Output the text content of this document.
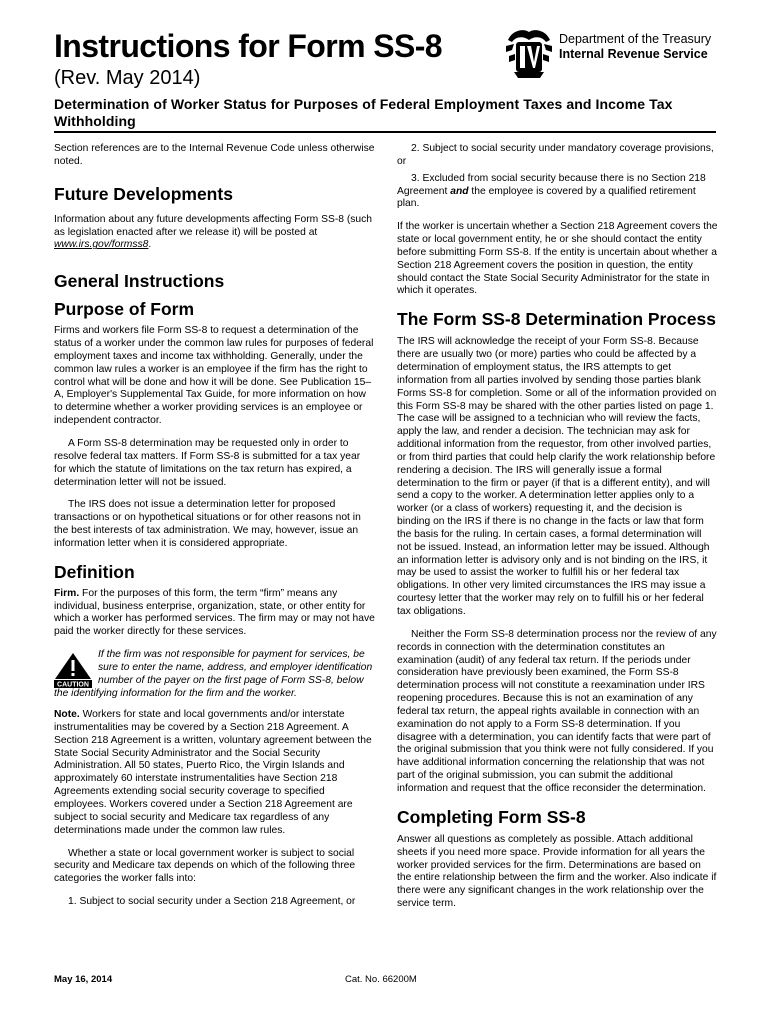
Instructions for Form SS-8
(Rev. May 2014)
Department of the Treasury
Internal Revenue Service
Determination of Worker Status for Purposes of Federal Employment Taxes and Income Tax Withholding

Section references are to the Internal Revenue Code unless otherwise noted.

Future Developments

Information about any future developments affecting Form SS-8 (such as legislation enacted after we release it) will be posted at www.irs.gov/formss8.

General Instructions
Purpose of Form

Firms and workers file Form SS-8 to request a determination of the status of a worker under the common law rules for purposes of federal employment taxes and income tax withholding. Generally, under the common law rules a worker is an employee if the firm has the right to control what will be done and how it will be done. See Publication 15–A, Employer's Supplemental Tax Guide, for more information on how to determine whether a worker providing services is an employee or independent contractor.

A Form SS-8 determination may be requested only in order to resolve federal tax matters. If Form SS-8 is submitted for a tax year for which the statute of limitations on the tax return has expired, a determination letter will not be issued.

The IRS does not issue a determination letter for proposed transactions or on hypothetical situations or for other reasons not in the best interests of tax administration. We may, however, issue an information letter when it is considered appropriate.

Definition

Firm. For the purposes of this form, the term “firm” means any individual, business enterprise, organization, state, or other entity for which a worker has performed services. The firm may or may not have paid the worker directly for these services.

CAUTION

If the firm was not responsible for payment for services, be sure to enter the name, address, and employer identification number of the payer on the first page of Form SS-8, below the identifying information for the firm and the worker.

Note. Workers for state and local governments and/or interstate instrumentalities may be covered by a Section 218 Agreement. A Section 218 Agreement is a written, voluntary agreement between the State Social Security Administrator and the Social Security Administration. All 50 states, Puerto Rico, the Virgin Islands and approximately 60 interstate instrumentalities have Section 218 Agreements extending social security coverage to specified employees. Workers covered under a Section 218 Agreement are subject to social security and Medicare tax regardless of any determinations made under the common law rules.

Whether a state or local government worker is subject to social security and Medicare tax depends on which of the following three categories the worker falls into:

1. Subject to social security under a Section 218 Agreement, or

2. Subject to social security under mandatory coverage provisions, or

3. Excluded from social security because there is no Section 218 Agreement and the employee is covered by a qualified retirement plan.

If the worker is uncertain whether a Section 218 Agreement covers the state or local government entity, he or she should contact the entity before submitting Form SS-8. If the entity is uncertain about whether a Section 218 Agreement covers the position in question, the entity should contact the State Social Security Administrator for the state in which it operates.

The Form SS-8 Determination Process

The IRS will acknowledge the receipt of your Form SS-8. Because there are usually two (or more) parties who could be affected by a determination of employment status, the IRS attempts to get information from all parties involved by sending those parties blank Forms SS-8 for completion. Some or all of the information provided on this Form SS-8 may be shared with the other parties listed on page 1. The case will be assigned to a technician who will review the facts, apply the law, and render a decision. The technician may ask for additional information from the requestor, from other involved parties, or from third parties that could help clarify the work relationship before rendering a decision. The IRS will generally issue a formal determination to the firm or payer (if that is a different entity), and will send a copy to the worker. A determination letter applies only to a worker (or a class of workers) requesting it, and the decision is binding on the IRS if there is no change in the facts or law that form the basis for the ruling. In certain cases, a formal determination will not be issued. Instead, an information letter may be issued. Although an information letter is advisory only and is not binding on the IRS, it may be used to assist the worker to fulfill his or her federal tax obligations. In other very limited circumstances the IRS may issue a courtesy letter that the worker may rely on to fulfill his or her federal tax obligations.

Neither the Form SS-8 determination process nor the review of any records in connection with the determination constitutes an examination (audit) of any federal tax return. If the periods under consideration have previously been examined, the Form SS-8 determination process will not constitute a reexamination under IRS reopening procedures. Because this is not an examination of any federal tax return, the appeal rights available in connection with an examination do not apply to a Form SS-8 determination. If you disagree with a determination, you can identify facts that were part of the original submission that you think were not fully considered. If you have additional information concerning the relationship that was not part of the original submission, you can submit the additional information and request that the office reconsider the determination.

Completing Form SS-8

Answer all questions as completely as possible. Attach additional sheets if you need more space. Provide information for all years the worker provided services for the firm. Determinations are based on the entire relationship between the firm and the worker. Also indicate if there were any significant changes in the work relationship over the service term.

May 16, 2014	Cat. No. 66200M
